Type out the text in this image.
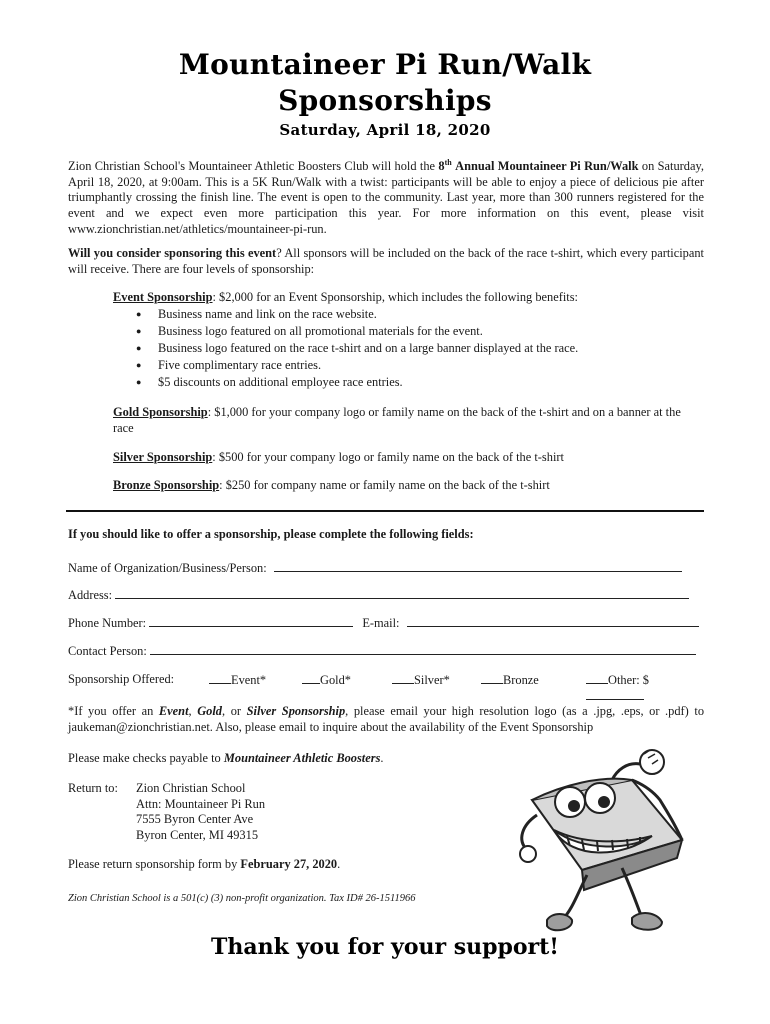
Mountaineer Pi Run/Walk
Sponsorships
Saturday, April 18, 2020
Zion Christian School's Mountaineer Athletic Boosters Club will hold the 8th Annual Mountaineer Pi Run/Walk on Saturday, April 18, 2020, at 9:00am. This is a 5K Run/Walk with a twist: participants will be able to enjoy a piece of delicious pie after triumphantly crossing the finish line. The event is open to the community. Last year, more than 300 runners registered for the event and we expect even more participation this year. For more information on this event, please visit www.zionchristian.net/athletics/mountaineer-pi-run.
Will you consider sponsoring this event? All sponsors will be included on the back of the race t-shirt, which every participant will receive. There are four levels of sponsorship:
Event Sponsorship: $2,000 for an Event Sponsorship, which includes the following benefits:
● Business name and link on the race website.
● Business logo featured on all promotional materials for the event.
● Business logo featured on the race t-shirt and on a large banner displayed at the race.
● Five complimentary race entries.
● $5 discounts on additional employee race entries.
Gold Sponsorship: $1,000 for your company logo or family name on the back of the t-shirt and on a banner at the race
Silver Sponsorship: $500 for your company logo or family name on the back of the t-shirt
Bronze Sponsorship: $250 for company name or family name on the back of the t-shirt
If you should like to offer a sponsorship, please complete the following fields:
Name of Organization/Business/Person:
Address:
Phone Number:	E-mail:
Contact Person:
Sponsorship Offered:	Event*	Gold*	Silver*	Bronze	Other: $
*If you offer an Event, Gold, or Silver Sponsorship, please email your high resolution logo (as a .jpg, .eps, or .pdf) to jaukeman@zionchristian.net. Also, please email to inquire about the availability of the Event Sponsorship
Please make checks payable to Mountaineer Athletic Boosters.
Return to: Zion Christian School
Attn: Mountaineer Pi Run
7555 Byron Center Ave
Byron Center, MI 49315
Please return sponsorship form by February 27, 2020.
Zion Christian School is a 501(c) (3) non-profit organization. Tax ID# 26-1511966
Thank you for your support!
